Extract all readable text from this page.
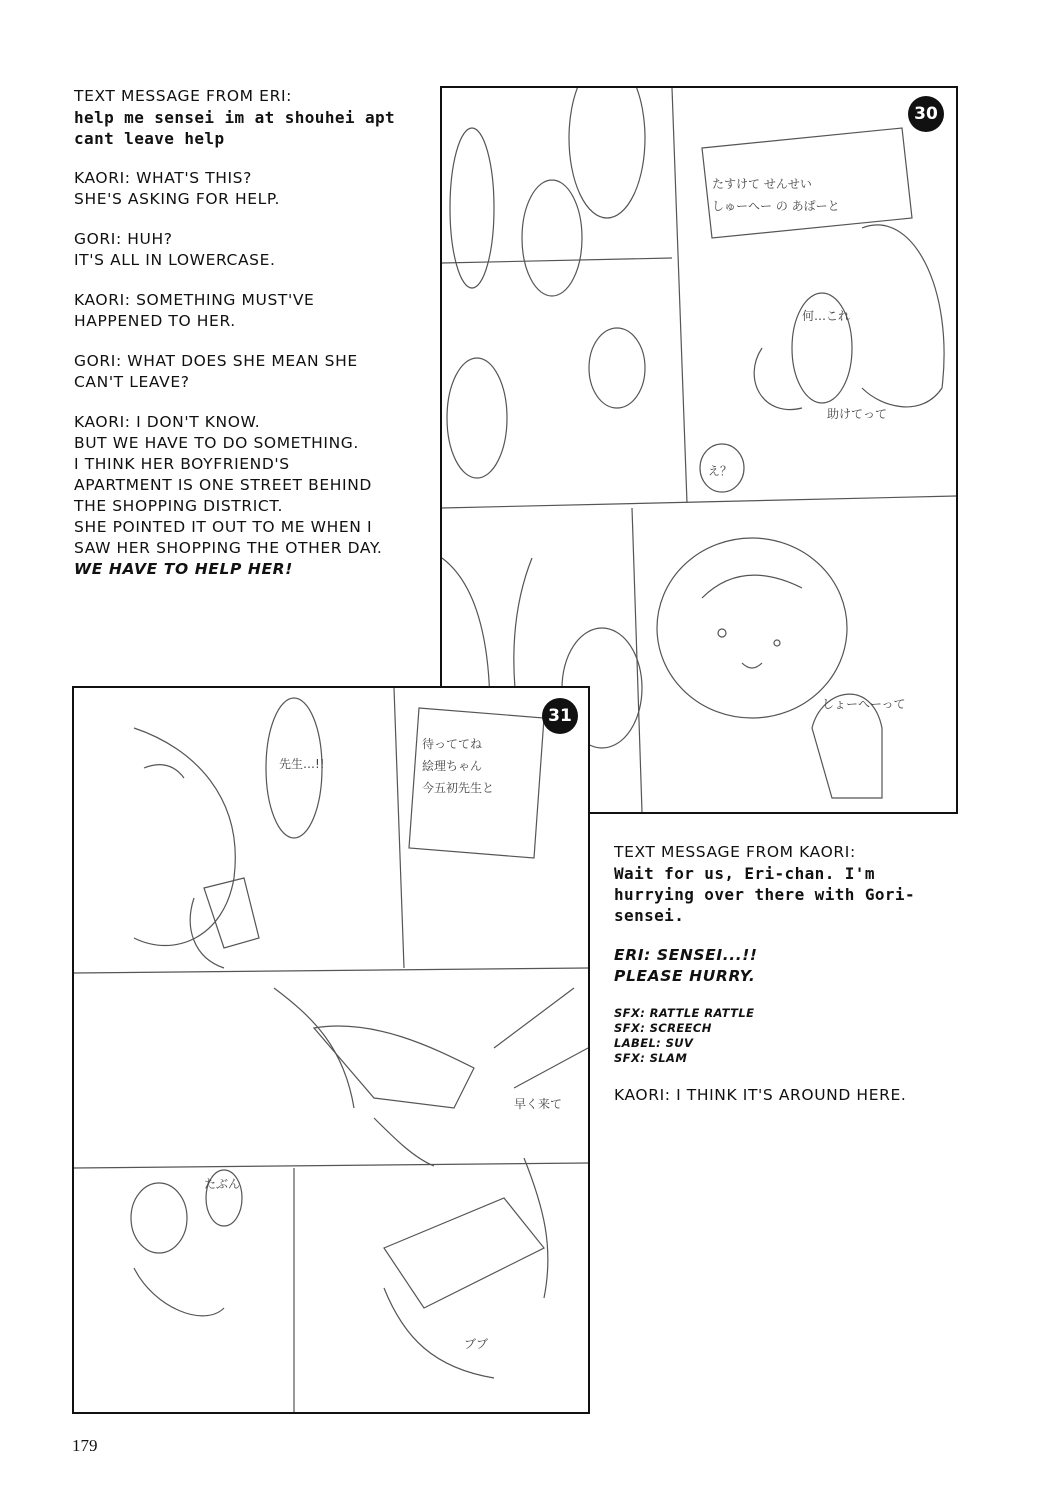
TEXT MESSAGE FROM ERI:
help me sensei im at shouhei apt
cant leave help
KAORI: WHAT'S THIS?
SHE'S ASKING FOR HELP.
GORI: HUH?
IT'S ALL IN LOWERCASE.
KAORI: SOMETHING MUST'VE
HAPPENED TO HER.
GORI: WHAT DOES SHE MEAN SHE
CAN'T LEAVE?
KAORI: I DON'T KNOW.
BUT WE HAVE TO DO SOMETHING.
I THINK HER BOYFRIEND'S
APARTMENT IS ONE STREET BEHIND
THE SHOPPING DISTRICT.
SHE POINTED IT OUT TO ME WHEN I
SAW HER SHOPPING THE OTHER DAY.
WE HAVE TO HELP HER!
たすけて せんせい
しゅーへー の あぱーと
何…これ
助けてって
え？
しょーへーって
30
待っててね
絵理ちゃん
今五初先生と
先生…!!
早く来て
たぶん
ブブ
31
TEXT MESSAGE FROM KAORI:
Wait for us, Eri-chan. I'm
hurrying over there with Gori-
sensei.
ERI: SENSEI...!!
PLEASE HURRY.
SFX: RATTLE RATTLE
SFX: SCREECH
LABEL: SUV
SFX: SLAM
KAORI: I THINK IT'S AROUND HERE.
179
